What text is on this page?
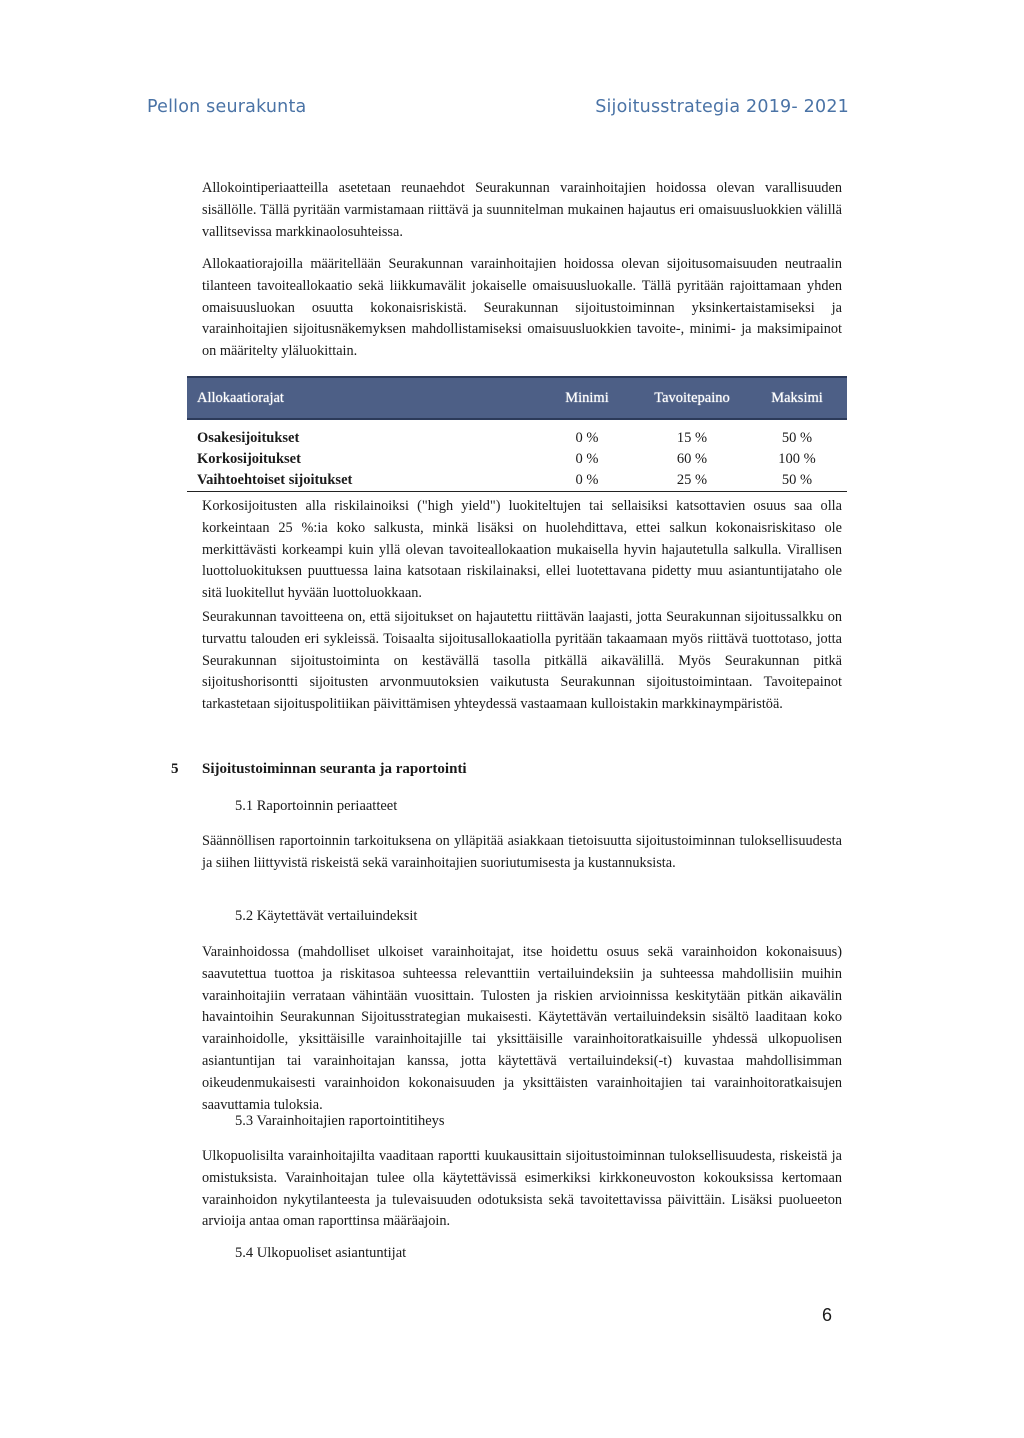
Pellon seurakunta	Sijoitusstrategia 2019- 2021

Allokointiperiaatteilla asetetaan reunaehdot Seurakunnan varainhoitajien hoidossa olevan varallisuuden sisällölle. Tällä pyritään varmistamaan riittävä ja suunnitelman mukainen hajautus eri omaisuusluokkien välillä vallitsevissa markkinaolosuhteissa.

Allokaatiorajoilla määritellään Seurakunnan varainhoitajien hoidossa olevan sijoitusomaisuuden neutraalin tilanteen tavoiteallokaatio sekä liikkumavälit jokaiselle omaisuusluokalle. Tällä pyritään rajoittamaan yhden omaisuusluokan osuutta kokonaisriskistä. Seurakunnan sijoitustoiminnan yksinkertaistamiseksi ja varainhoitajien sijoitusnäkemyksen mahdollistamiseksi omaisuusluokkien tavoite-, minimi- ja maksimipainot on määritelty yläluokittain.

Allokaatiorajat	Minimi	Tavoitepaino	Maksimi
Osakesijoitukset	0 %	15 %	50 %
Korkosijoitukset	0 %	60 %	100 %
Vaihtoehtoiset sijoitukset	0 %	25 %	50 %

Korkosijoitusten alla riskilainoiksi ("high yield") luokiteltujen tai sellaisiksi katsottavien osuus saa olla korkeintaan 25 %:ia koko salkusta, minkä lisäksi on huolehdittava, ettei salkun kokonaisriskitaso ole merkittävästi korkeampi kuin yllä olevan tavoiteallokaation mukaisella hyvin hajautetulla salkulla. Virallisen luottoluokituksen puuttuessa laina katsotaan riskilainaksi, ellei luotettavana pidetty muu asiantuntijataho ole sitä luokitellut hyvään luottoluokkaan.

Seurakunnan tavoitteena on, että sijoitukset on hajautettu riittävän laajasti, jotta Seurakunnan sijoitussalkku on turvattu talouden eri sykleissä. Toisaalta sijoitusallokaatiolla pyritään takaamaan myös riittävä tuottotaso, jotta Seurakunnan sijoitustoiminta on kestävällä tasolla pitkällä aikavälillä. Myös Seurakunnan pitkä sijoitushorisontti sijoitusten arvonmuutoksien vaikutusta Seurakunnan sijoitustoimintaan. Tavoitepainot tarkastetaan sijoituspolitiikan päivittämisen yhteydessä vastaamaan kulloistakin markkinaympäristöä.

5 Sijoitustoiminnan seuranta ja raportointi
5.1 Raportoinnin periaatteet

Säännöllisen raportoinnin tarkoituksena on ylläpitää asiakkaan tietoisuutta sijoitustoiminnan tuloksellisuudesta ja siihen liittyvistä riskeistä sekä varainhoitajien suoriutumisesta ja kustannuksista.

5.2 Käytettävät vertailuindeksit

Varainhoidossa (mahdolliset ulkoiset varainhoitajat, itse hoidettu osuus sekä varainhoidon kokonaisuus) saavutettua tuottoa ja riskitasoa suhteessa relevanttiin vertailuindeksiin ja suhteessa mahdollisiin muihin varainhoitajiin verrataan vähintään vuosittain. Tulosten ja riskien arvioinnissa keskitytään pitkän aikavälin havaintoihin Seurakunnan Sijoitusstrategian mukaisesti. Käytettävän vertailuindeksin sisältö laaditaan koko varainhoidolle, yksittäisille varainhoitajille tai yksittäisille varainhoitoratkaisuille yhdessä ulkopuolisen asiantuntijan tai varainhoitajan kanssa, jotta käytettävä vertailuindeksi(-t) kuvastaa mahdollisimman oikeudenmukaisesti varainhoidon kokonaisuuden ja yksittäisten varainhoitajien tai varainhoitoratkaisujen saavuttamia tuloksia.

5.3 Varainhoitajien raportointitiheys

Ulkopuolisilta varainhoitajilta vaaditaan raportti kuukausittain sijoitustoiminnan tuloksellisuudesta, riskeistä ja omistuksista. Varainhoitajan tulee olla käytettävissä esimerkiksi kirkkoneuvoston kokouksissa kertomaan varainhoidon nykytilanteesta ja tulevaisuuden odotuksista sekä tavoitettavissa päivittäin. Lisäksi puolueeton arvioija antaa oman raporttinsa määräajoin.

5.4 Ulkopuoliset asiantuntijat
6
